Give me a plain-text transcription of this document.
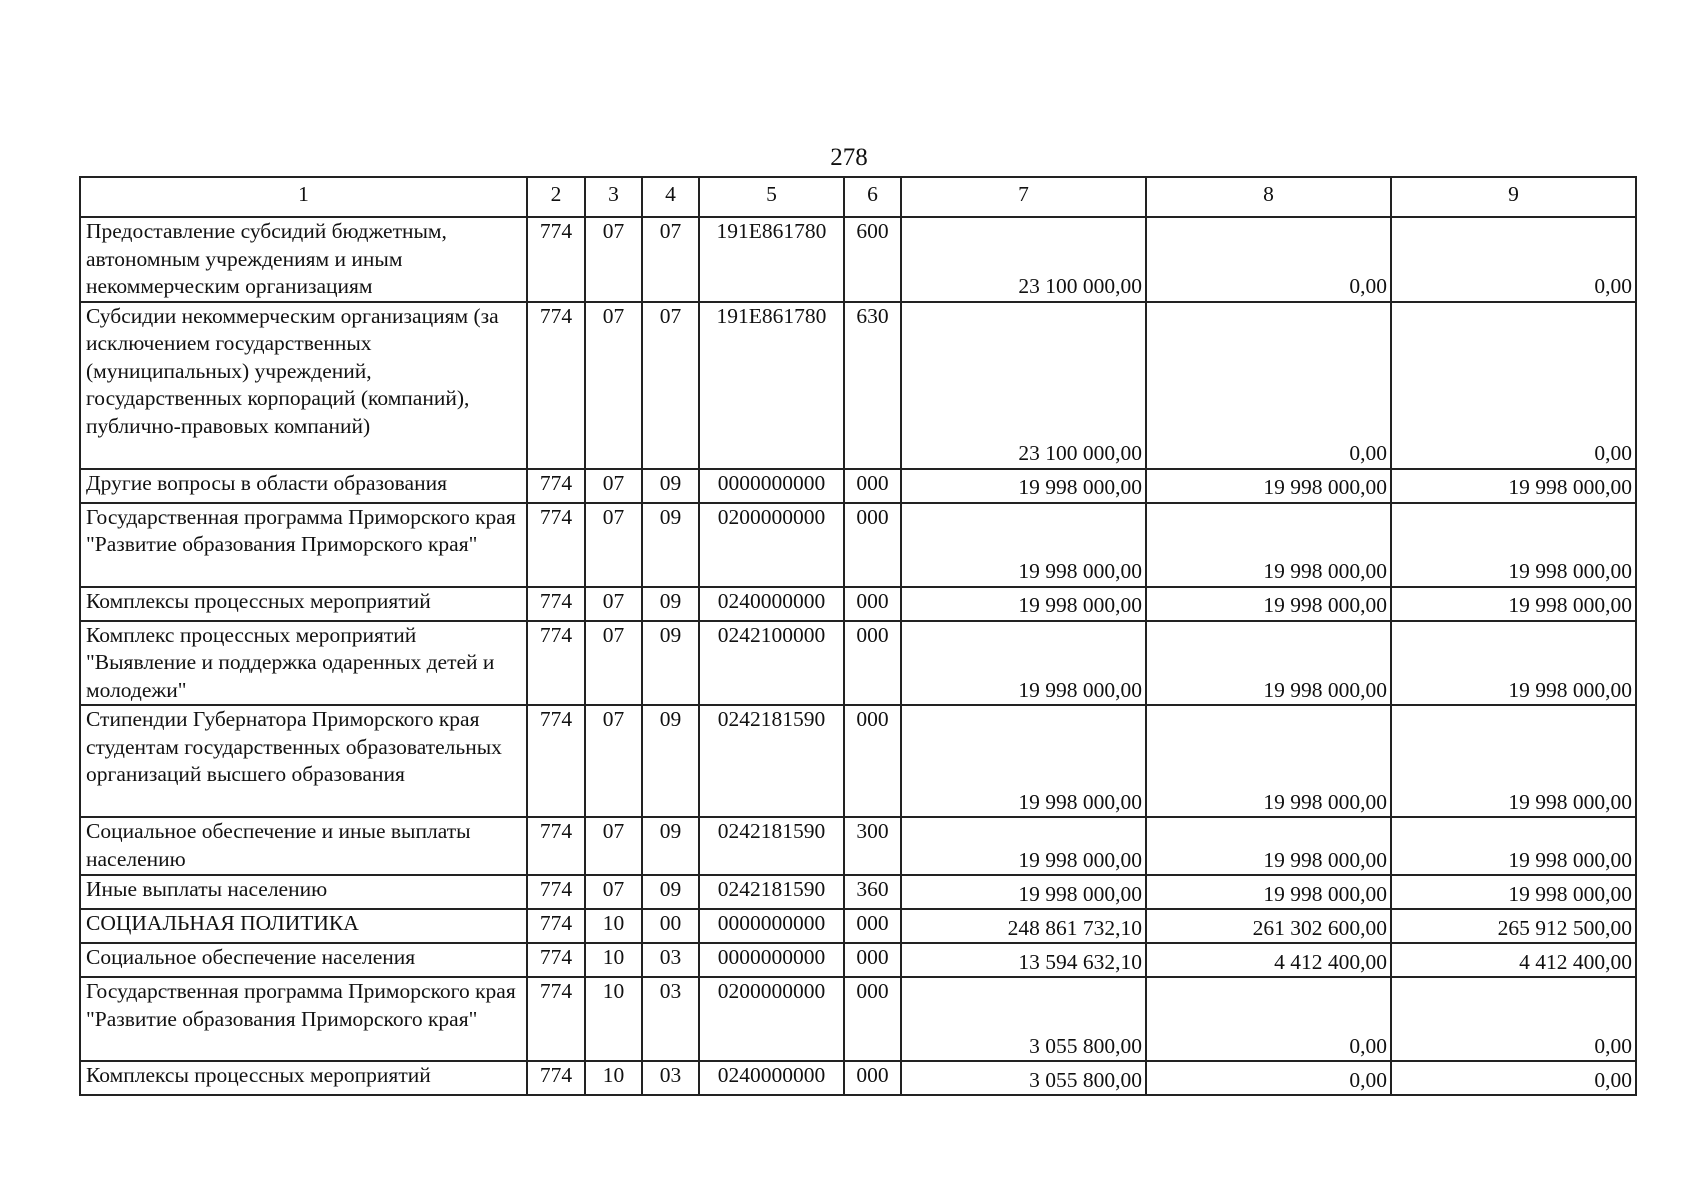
278
1	2	3	4	5	6	7	8	9
Предоставление субсидий бюджетным, автономным учреждениям и иным некоммерческим организациям	774	07	07	191E861780	600	23 100 000,00	0,00	0,00
Субсидии некоммерческим организациям (за исключением государственных (муниципальных) учреждений, государственных корпораций (компаний), публично-правовых компаний)	774	07	07	191E861780	630	23 100 000,00	0,00	0,00
Другие вопросы в области образования	774	07	09	0000000000	000	19 998 000,00	19 998 000,00	19 998 000,00
Государственная программа Приморского края "Развитие образования Приморского края"	774	07	09	0200000000	000	19 998 000,00	19 998 000,00	19 998 000,00
Комплексы процессных мероприятий	774	07	09	0240000000	000	19 998 000,00	19 998 000,00	19 998 000,00
Комплекс процессных мероприятий "Выявление и поддержка одаренных детей и молодежи"	774	07	09	0242100000	000	19 998 000,00	19 998 000,00	19 998 000,00
Стипендии Губернатора Приморского края студентам государственных образовательных организаций высшего образования	774	07	09	0242181590	000	19 998 000,00	19 998 000,00	19 998 000,00
Социальное обеспечение и иные выплаты населению	774	07	09	0242181590	300	19 998 000,00	19 998 000,00	19 998 000,00
Иные выплаты населению	774	07	09	0242181590	360	19 998 000,00	19 998 000,00	19 998 000,00
СОЦИАЛЬНАЯ ПОЛИТИКА	774	10	00	0000000000	000	248 861 732,10	261 302 600,00	265 912 500,00
Социальное обеспечение населения	774	10	03	0000000000	000	13 594 632,10	4 412 400,00	4 412 400,00
Государственная программа Приморского края "Развитие образования Приморского края"	774	10	03	0200000000	000	3 055 800,00	0,00	0,00
Комплексы процессных мероприятий	774	10	03	0240000000	000	3 055 800,00	0,00	0,00
